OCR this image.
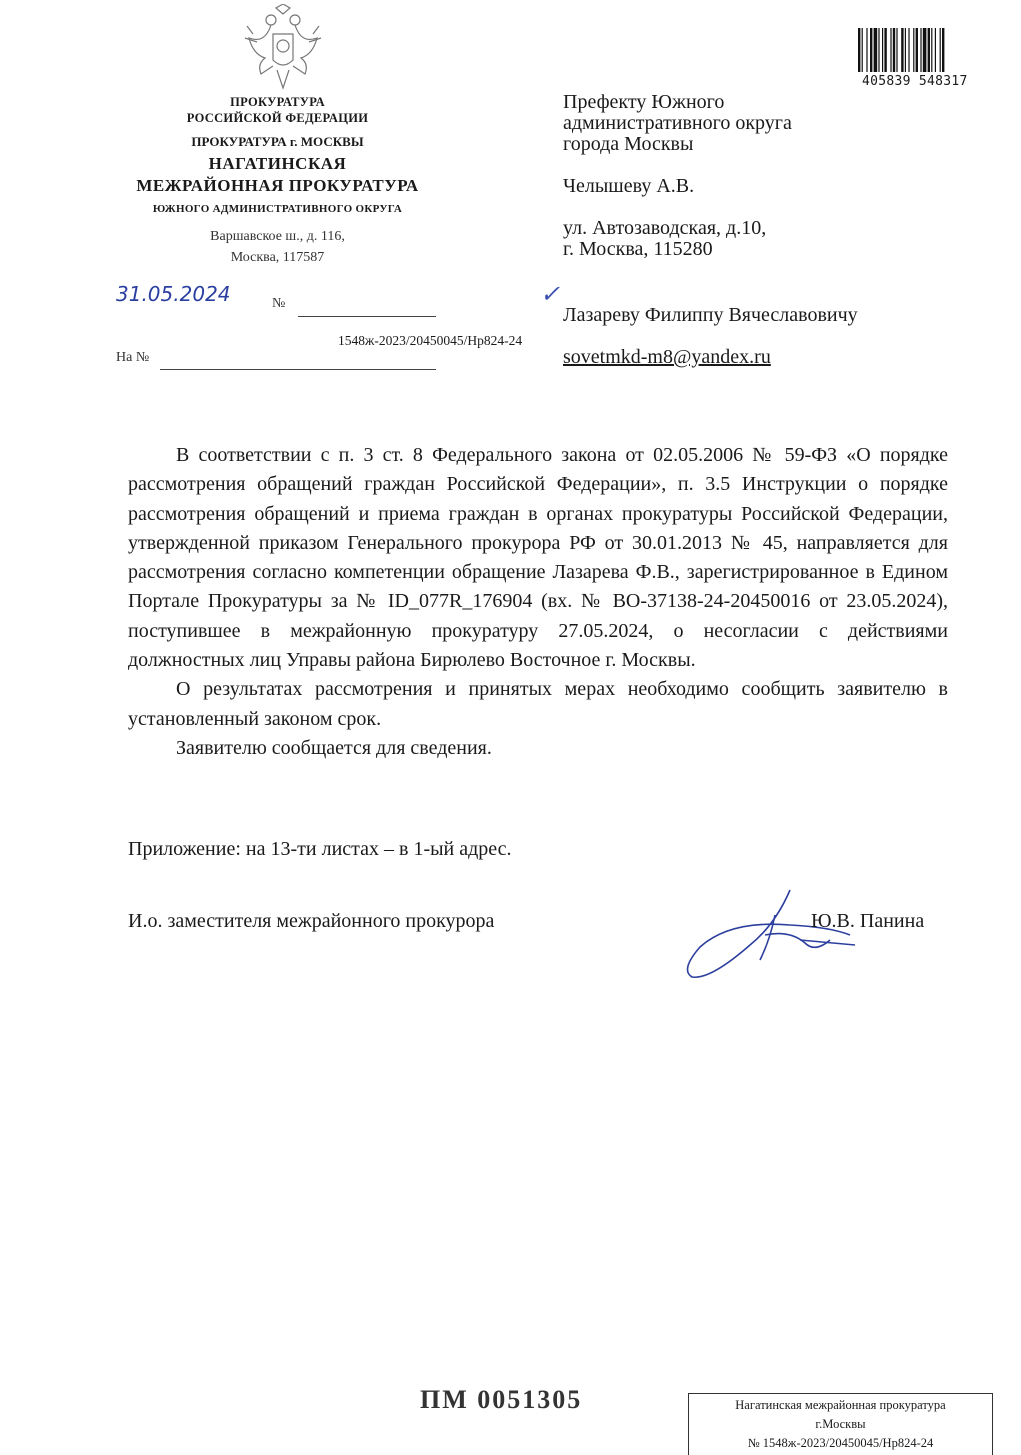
ПРОКУРАТУРА
РОССИЙСКОЙ ФЕДЕРАЦИИ
ПРОКУРАТУРА г. МОСКВЫ
НАГАТИНСКАЯ
МЕЖРАЙОННАЯ ПРОКУРАТУРА
ЮЖНОГО АДМИНИСТРАТИВНОГО ОКРУГА
Варшавское ш., д. 116,
Москва, 117587
31.05.2024	№
1548ж-2023/20450045/Нр824-24
На №
405839 548317
Префекту Южного
административного округа
города Москвы
Челышеву А.В.
ул. Автозаводская, д.10,
г. Москва, 115280
✓
Лазареву Филиппу Вячеславовичу
sovetmkd-m8@yandex.ru

В соответствии с п. 3 ст. 8 Федерального закона от 02.05.2006 № 59-ФЗ «О порядке рассмотрения обращений граждан Российской Федерации», п. 3.5 Инструкции о порядке рассмотрения обращений и приема граждан в органах прокуратуры Российской Федерации, утвержденной приказом Генерального прокурора РФ от 30.01.2013 № 45, направляется для рассмотрения согласно компетенции обращение Лазарева Ф.В., зарегистрированное в Едином Портале Прокуратуры за № ID_077R_176904 (вх. № ВО-37138-24-20450016 от 23.05.2024), поступившее в межрайонную прокуратуру 27.05.2024, о несогласии с действиями должностных лиц Управы района Бирюлево Восточное г. Москвы.

О результатах рассмотрения и принятых мерах необходимо сообщить заявителю в установленный законом срок.

Заявителю сообщается для сведения.

Приложение: на 13-ти листах – в 1-ый адрес.
И.о. заместителя межрайонного прокурора	Ю.В. Панина
ПМ 0051305	Нагатинская межрайонная прокуратура
г.Москвы
№ 1548ж-2023/20450045/Нр824-24
